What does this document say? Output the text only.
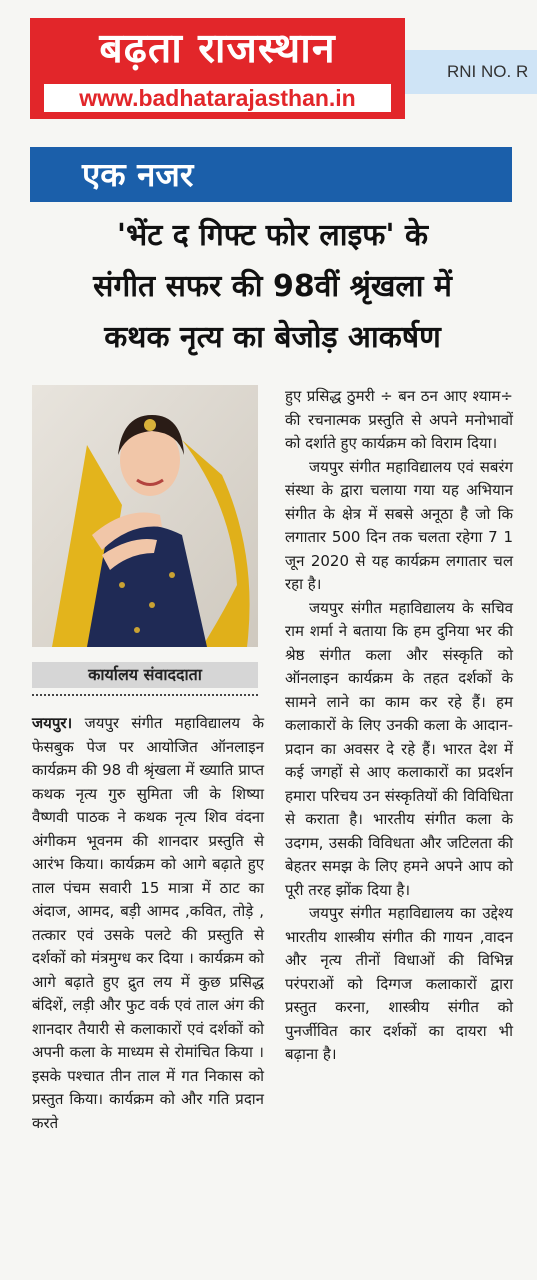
बढ़ता राजस्थान
www.badhatarajasthan.in
RNI NO. R
एक नजर
'भेंट द गिफ्ट फोर लाइफ' के
संगीत सफर की 98वीं श्रृंखला में
कथक नृत्य का बेजोड़ आकर्षण
कार्यालय संवाददाता

जयपुर। जयपुर संगीत महाविद्यालय के फेसबुक पेज पर आयोजित ऑनलाइन कार्यक्रम की 98 वी श्रृंखला में ख्याति प्राप्त कथक नृत्य गुरु सुमिता जी के शिष्या वैष्णवी पाठक ने कथक नृत्य शिव वंदना अंगीकम भूवनम की शानदार प्रस्तुति से आरंभ किया। कार्यक्रम को आगे बढ़ाते हुए ताल पंचम सवारी 15 मात्रा में ठाट का अंदाज, आमद, बड़ी आमद ,कवित, तोड़े , तत्कार एवं उसके पलटे की प्रस्तुति से दर्शकों को मंत्रमुग्ध कर दिया । कार्यक्रम को आगे बढ़ाते हुए द्रुत लय में कुछ प्रसिद्ध बंदिशें, लड़ी और फुट वर्क एवं ताल अंग की शानदार तैयारी से कलाकारों एवं दर्शकों को अपनी कला के माध्यम से रोमांचित किया । इसके पश्चात तीन ताल में गत निकास को प्रस्तुत किया। कार्यक्रम को और गति प्रदान करते

हुए प्रसिद्ध ठुमरी ÷ बन ठन आए श्याम÷ की रचनात्मक प्रस्तुति से अपने मनोभावों को दर्शाते हुए कार्यक्रम को विराम दिया।

जयपुर संगीत महाविद्यालय एवं सबरंग संस्था के द्वारा चलाया गया यह अभियान संगीत के क्षेत्र में सबसे अनूठा है जो कि लगातार 500 दिन तक चलता रहेगा 7 1 जून 2020 से यह कार्यक्रम लगातार चल रहा है।

जयपुर संगीत महाविद्यालय के सचिव राम शर्मा ने बताया कि हम दुनिया भर की श्रेष्ठ संगीत कला और संस्कृति को ऑनलाइन कार्यक्रम के तहत दर्शकों के सामने लाने का काम कर रहे हैं। हम कलाकारों के लिए उनकी कला के आदान-प्रदान का अवसर दे रहे हैं। भारत देश में कई जगहों से आए कलाकारों का प्रदर्शन हमारा परिचय उन संस्कृतियों की विविधिता से कराता है। भारतीय संगीत कला के उदगम, उसकी विविधता और जटिलता की बेहतर समझ के लिए हमने अपने आप को पूरी तरह झोंक दिया है।

जयपुर संगीत महाविद्यालय का उद्देश्य भारतीय शास्त्रीय संगीत की गायन ,वादन और नृत्य तीनों विधाओं की विभिन्न परंपराओं को दिग्गज कलाकारों द्वारा प्रस्तुत करना, शास्त्रीय संगीत को पुनर्जीवित कार दर्शकों का दायरा भी बढ़ाना है।
